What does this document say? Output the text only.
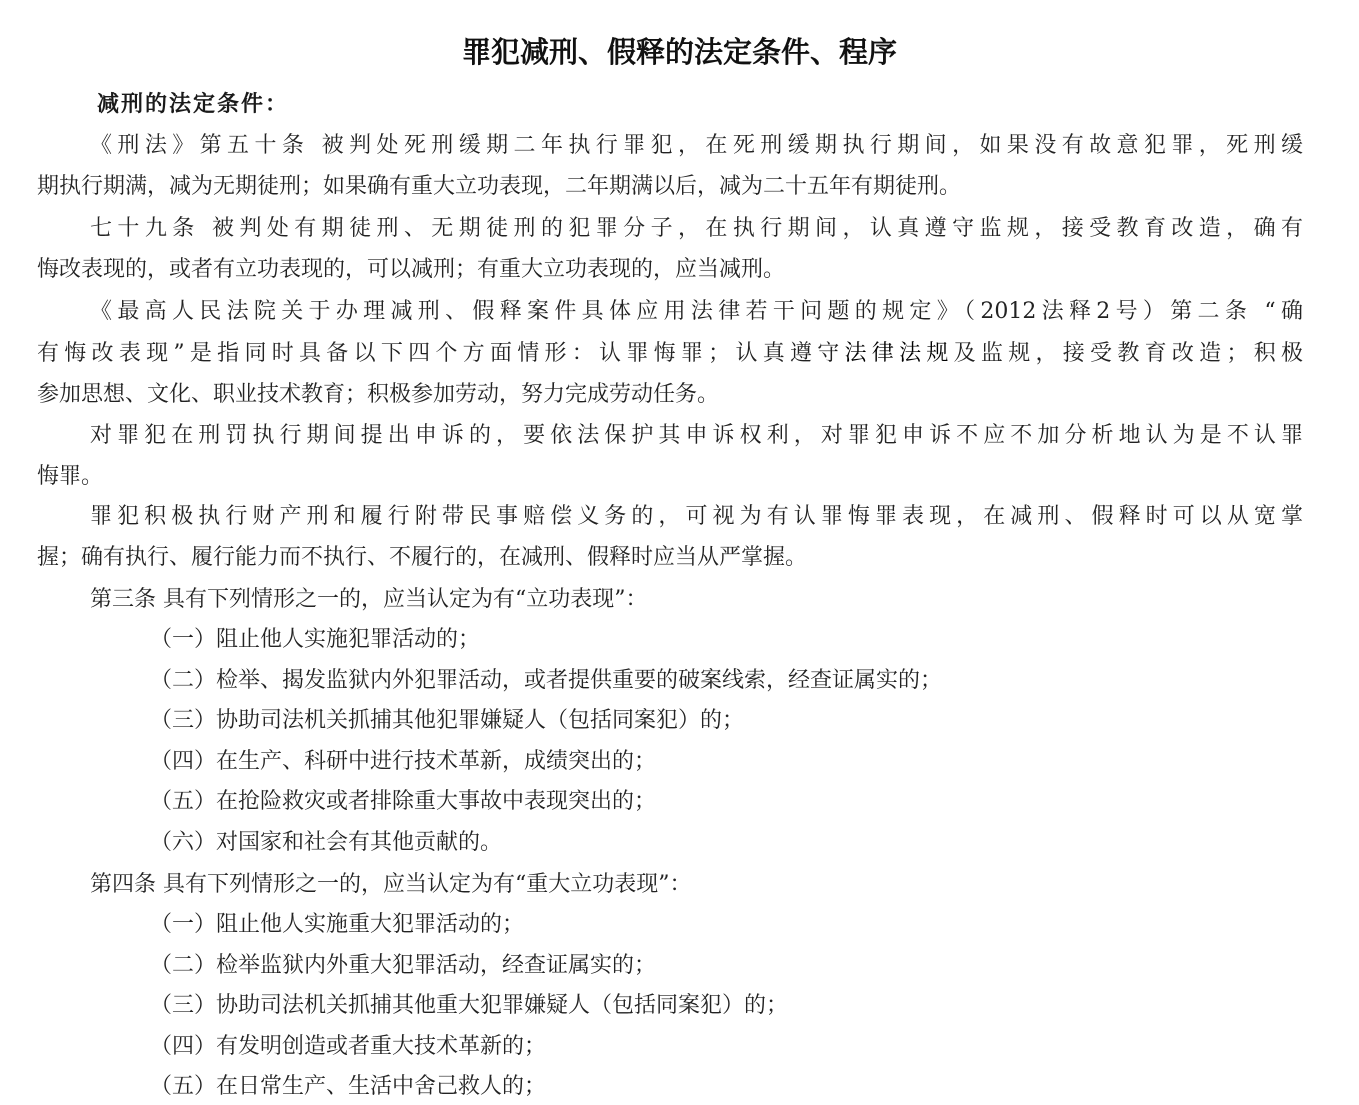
罪犯减刑、假释的法定条件、程序
减刑的法定条件：
《刑法》第五十条 被判处死刑缓期二年执行罪犯，在死刑缓期执行期间，如果没有故意犯罪，死刑缓
期执行期满，减为无期徒刑；如果确有重大立功表现，二年期满以后，减为二十五年有期徒刑。
七十九条 被判处有期徒刑、无期徒刑的犯罪分子，在执行期间，认真遵守监规，接受教育改造，确有
悔改表现的，或者有立功表现的，可以减刑；有重大立功表现的，应当减刑。
《最高人民法院关于办理减刑、假释案件具体应用法律若干问题的规定》（2012法释2号）第二条 “确
有悔改表现”是指同时具备以下四个方面情形：认罪悔罪；认真遵守法律法规及监规，接受教育改造；积极
参加思想、文化、职业技术教育；积极参加劳动，努力完成劳动任务。
对罪犯在刑罚执行期间提出申诉的，要依法保护其申诉权利，对罪犯申诉不应不加分析地认为是不认罪
悔罪。
罪犯积极执行财产刑和履行附带民事赔偿义务的，可视为有认罪悔罪表现，在减刑、假释时可以从宽掌
握；确有执行、履行能力而不执行、不履行的，在减刑、假释时应当从严掌握。
第三条 具有下列情形之一的，应当认定为有“立功表现”：
（一）阻止他人实施犯罪活动的；
（二）检举、揭发监狱内外犯罪活动，或者提供重要的破案线索，经查证属实的；
（三）协助司法机关抓捕其他犯罪嫌疑人（包括同案犯）的；
（四）在生产、科研中进行技术革新，成绩突出的；
（五）在抢险救灾或者排除重大事故中表现突出的；
（六）对国家和社会有其他贡献的。
第四条 具有下列情形之一的，应当认定为有“重大立功表现”：
（一）阻止他人实施重大犯罪活动的；
（二）检举监狱内外重大犯罪活动，经查证属实的；
（三）协助司法机关抓捕其他重大犯罪嫌疑人（包括同案犯）的；
（四）有发明创造或者重大技术革新的；
（五）在日常生产、生活中舍己救人的；
